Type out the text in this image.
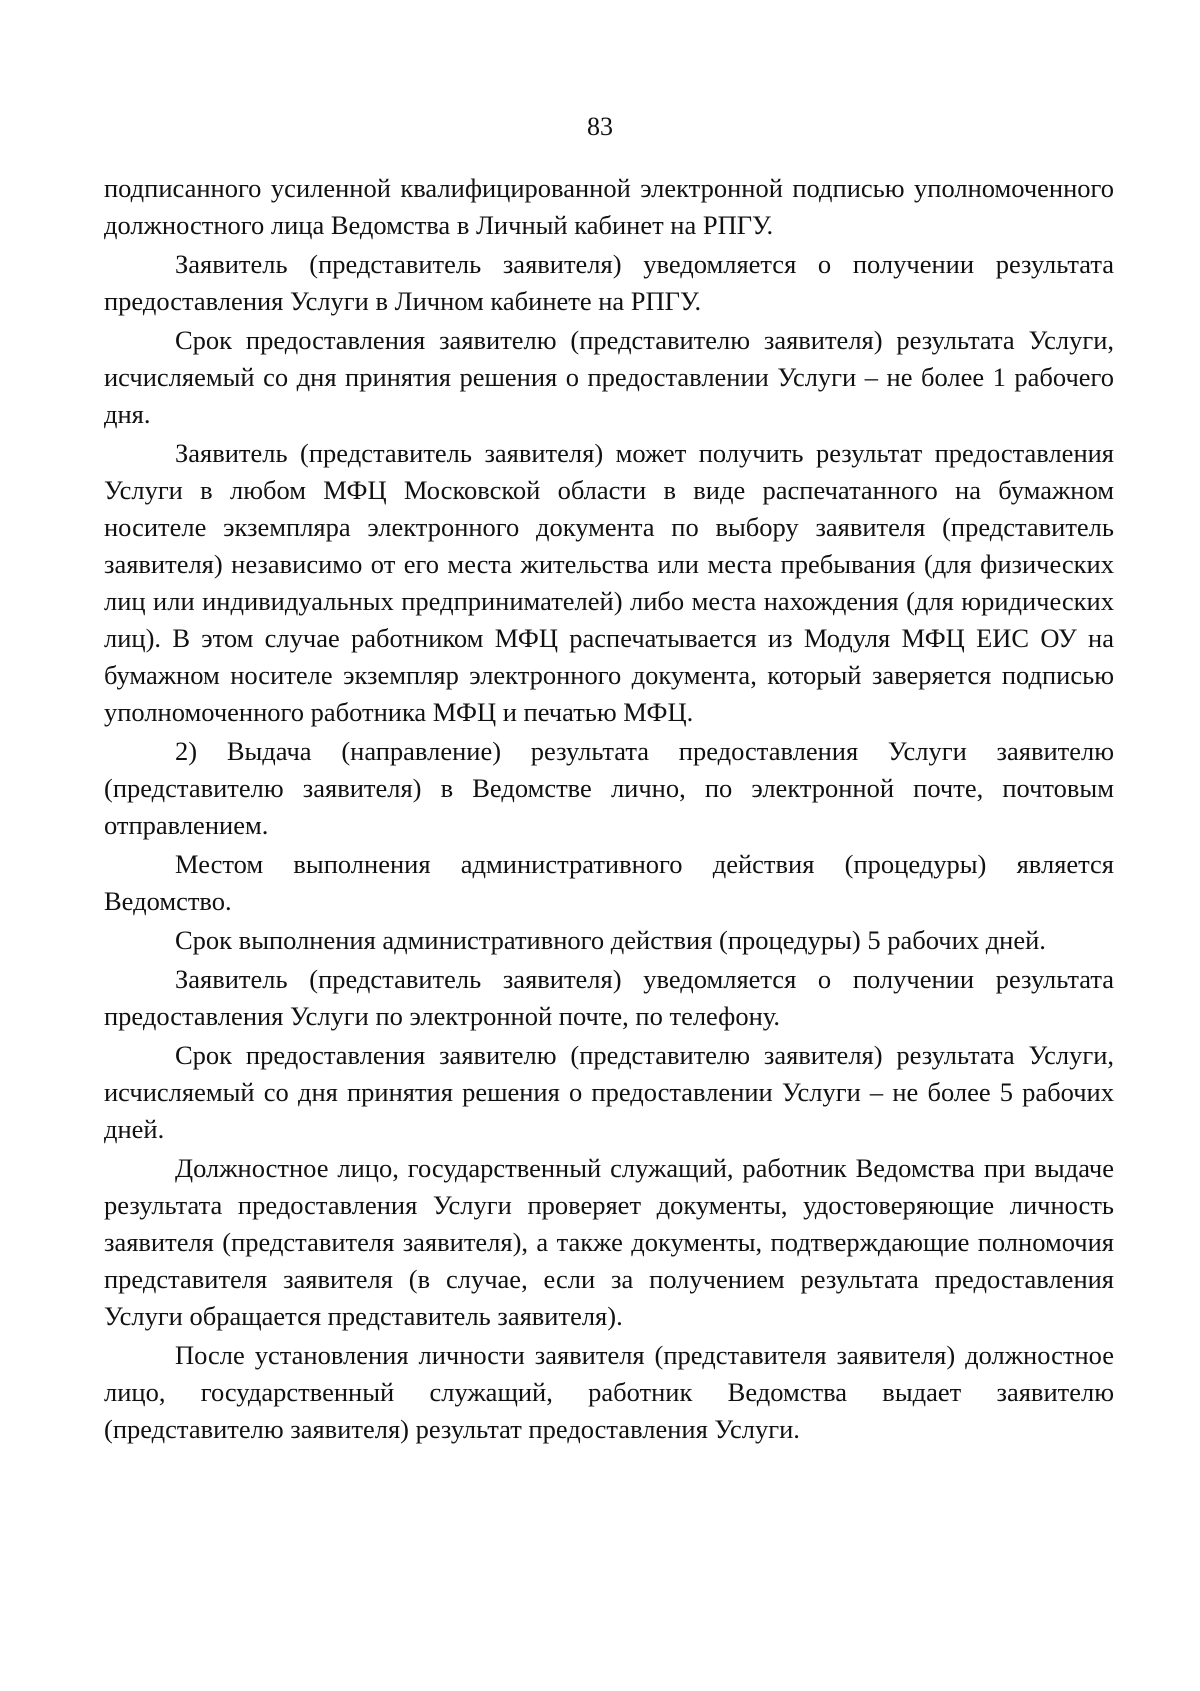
83

подписанного усиленной квалифицированной электронной подписью уполномоченного должностного лица Ведомства в Личный кабинет на РПГУ.

Заявитель (представитель заявителя) уведомляется о получении результата предоставления Услуги в Личном кабинете на РПГУ.

Срок предоставления заявителю (представителю заявителя) результата Услуги, исчисляемый со дня принятия решения о предоставлении Услуги – не более 1 рабочего дня.

Заявитель (представитель заявителя) может получить результат предоставления Услуги в любом МФЦ Московской области в виде распечатанного на бумажном носителе экземпляра электронного документа по выбору заявителя (представитель заявителя) независимо от его места жительства или места пребывания (для физических лиц или индивидуальных предпринимателей) либо места нахождения (для юридических лиц). В этом случае работником МФЦ распечатывается из Модуля МФЦ ЕИС ОУ на бумажном носителе экземпляр электронного документа, который заверяется подписью уполномоченного работника МФЦ и печатью МФЦ.

2) Выдача (направление) результата предоставления Услуги заявителю (представителю заявителя) в Ведомстве лично, по электронной почте, почтовым отправлением.

Местом выполнения административного действия (процедуры) является Ведомство.

Срок выполнения административного действия (процедуры) 5 рабочих дней.

Заявитель (представитель заявителя) уведомляется о получении результата предоставления Услуги по электронной почте, по телефону.

Срок предоставления заявителю (представителю заявителя) результата Услуги, исчисляемый со дня принятия решения о предоставлении Услуги – не более 5 рабочих дней.

Должностное лицо, государственный служащий, работник Ведомства при выдаче результата предоставления Услуги проверяет документы, удостоверяющие личность заявителя (представителя заявителя), а также документы, подтверждающие полномочия представителя заявителя (в случае, если за получением результата предоставления Услуги обращается представитель заявителя).

После установления личности заявителя (представителя заявителя) должностное лицо, государственный служащий, работник Ведомства выдает заявителю (представителю заявителя) результат предоставления Услуги.
